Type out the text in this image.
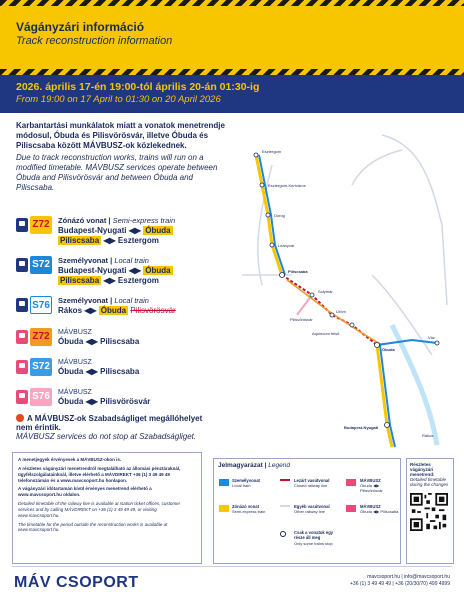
Vágányzári információ
Track reconstruction information
2026. április 17-én 19:00-tól április 20-án 01:30-ig
From 19:00 on 17 April to 01:30 on 20 April 2026
Karbantartási munkálatok miatt a vonatok menetrendje módosul, Óbuda és Pilisvörösvár, illetve Óbuda és Piliscsaba között MÁVBUSZ-ok közlekednek.
Due to track reconstruction works, trains will run on a modified timetable. MÁVBUSZ services operate between Óbuda and Pilisvörösvár and between Óbuda and Piliscsaba.
Z72	Zónázó vonat | Semi-express train
Budapest-Nyugati ◀▶ Óbuda
Piliscsaba ◀▶ Esztergom
S72 Személyvonat | Local train
Budapest-Nyugati ◀▶ Óbuda
Piliscsaba ◀▶ Esztergom
S76 Személyvonat | Local train
Rákos ◀▶ Óbuda Pilisvörösvár
Z72	MÁVBUSZ
Óbuda ◀▶ Piliscsaba
S72	MÁVBUSZ
Óbuda ◀▶ Piliscsaba
S76	MÁVBUSZ
Óbuda ◀▶ Pilisvörösvár
A MÁVBUSZ-ok Szabadságliget megállóhelyet nem érintik.
MÁVBUSZ services do not stop at Szabadságliget.

A menetjegyek érvényesek a MÁVBUSZ-okon is.

A részletes vágányzári menetrendről megtalálható az állomási pénztáraknál, ügyfélszolgálatainknál, illetve elérhető a MÁVDIREKT +36 (1) 3 49 49 49 telefonszámán és a www.mavcsoport.hu honlapon.

A vágányzári időtartamán kívül érvényes menetrend elérhető a www.mavcsoport.hu oldalon.

Detailed timetable of the railway line is available at station ticket offices, customer services and by calling MÁVDIREKT on +36 (1) 3 49 49 49, or visiting www.mavcsoport.hu.

The timetable for the period outside the reconstruction works is available at www.mavcsoport.hu.

Esztergom
Esztergom-Kertváros
Dorog
Leányvár
Piliscsaba
Pilisvörösvár
Solymár
Üröm
Aquincum felső
Óbuda
Budapest-Nyugati
Rákos
Vác
Jelmagyarázat | Legend
Személyvonat
Local train
Zónázó vonat
Semi-express train
Lezárt vasútvonal
Closed railway line
Egyéb vasútvonal
Other railway line
Csak a vonatok egy része áll meg
Only some trains stop
MÁVBUSZ
Óbuda ◀▶ Pilisvörösvár
MÁVBUSZ
Óbuda ◀▶ Piliscsaba
Részletes vágányzári menetrend:
Detailed timetable during the changes
MÁV CSOPORT	mavcsoport.hu | info@mavcsoport.hu
+36 (1) 3 49 49 49 | +36 (20/30/70) 499 4999
